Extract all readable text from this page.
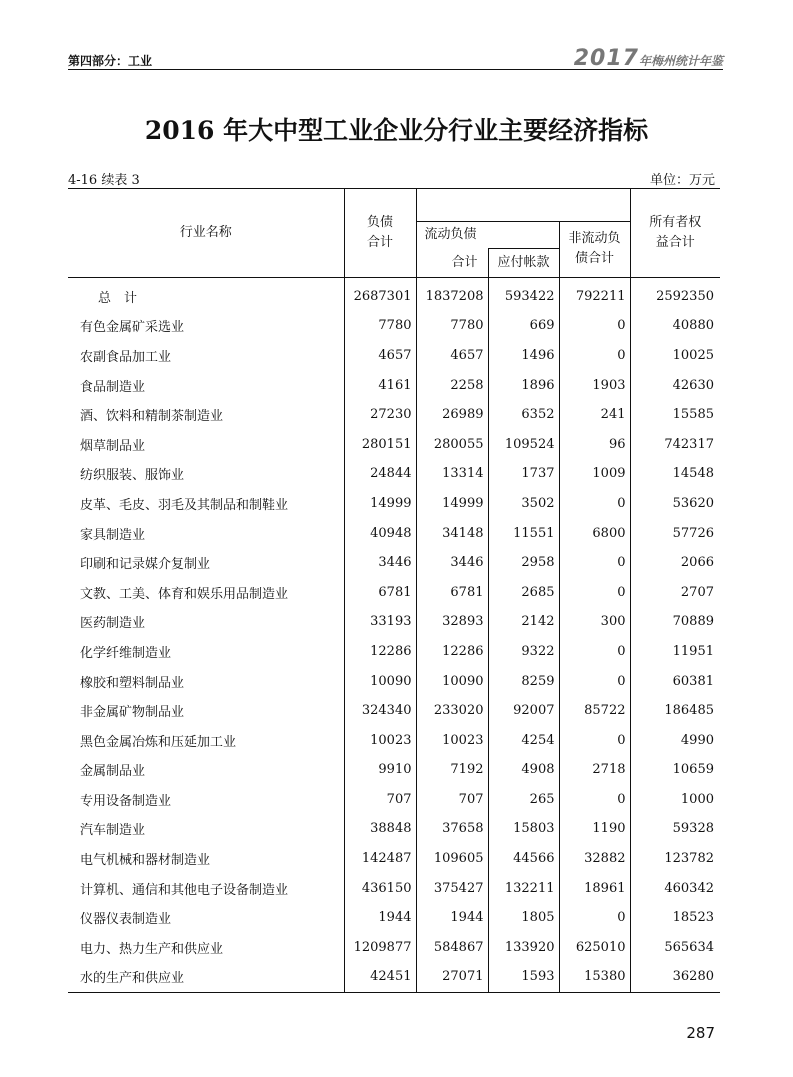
第四部分：工业	2017年梅州统计年鉴
2016 年大中型工业企业分行业主要经济指标
4-16 续表 3	单位：万元
行业名称	负债合计				所有者权益合计
		流动负债		非流动负债合计	
		合计	应付帐款		
总　计	2687301	1837208	593422	792211	2592350
有色金属矿采选业	7780	7780	669	0	40880
农副食品加工业	4657	4657	1496	0	10025
食品制造业	4161	2258	1896	1903	42630
酒、饮料和精制茶制造业	27230	26989	6352	241	15585
烟草制品业	280151	280055	109524	96	742317
纺织服装、服饰业	24844	13314	1737	1009	14548
皮革、毛皮、羽毛及其制品和制鞋业	14999	14999	3502	0	53620
家具制造业	40948	34148	11551	6800	57726
印刷和记录媒介复制业	3446	3446	2958	0	2066
文教、工美、体育和娱乐用品制造业	6781	6781	2685	0	2707
医药制造业	33193	32893	2142	300	70889
化学纤维制造业	12286	12286	9322	0	11951
橡胶和塑料制品业	10090	10090	8259	0	60381
非金属矿物制品业	324340	233020	92007	85722	186485
黑色金属冶炼和压延加工业	10023	10023	4254	0	4990
金属制品业	9910	7192	4908	2718	10659
专用设备制造业	707	707	265	0	1000
汽车制造业	38848	37658	15803	1190	59328
电气机械和器材制造业	142487	109605	44566	32882	123782
计算机、通信和其他电子设备制造业	436150	375427	132211	18961	460342
仪器仪表制造业	1944	1944	1805	0	18523
电力、热力生产和供应业	1209877	584867	133920	625010	565634
水的生产和供应业	42451	27071	1593	15380	36280
287
